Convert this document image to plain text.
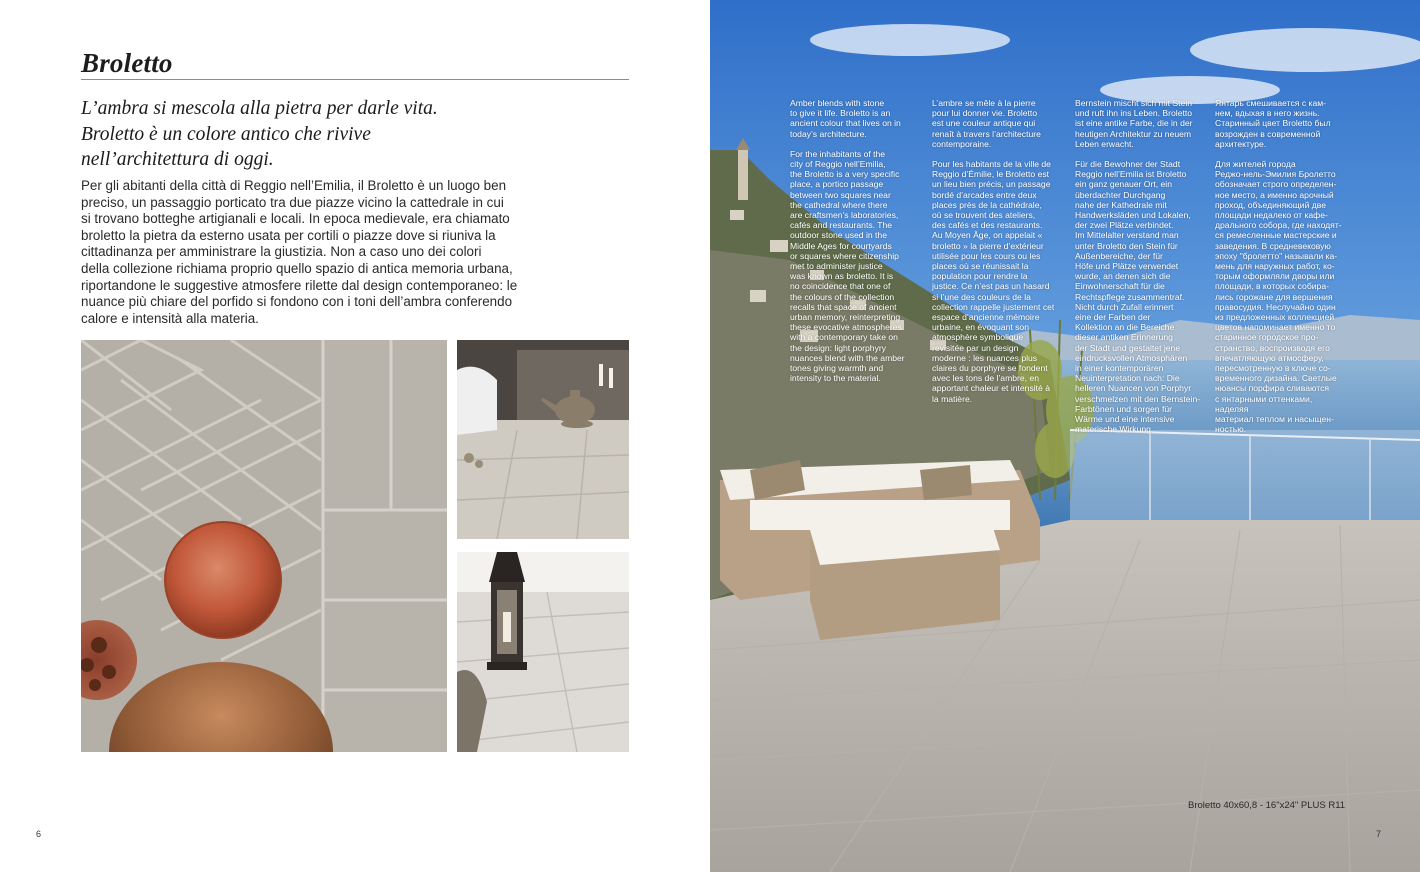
Broletto
L’ambra si mescola alla pietra per darle vita.
Broletto è un colore antico che rivive
nell’architettura di oggi.
Per gli abitanti della città di Reggio nell’Emilia, il Broletto è un luogo ben
preciso, un passaggio porticato tra due piazze vicino la cattedrale in cui
si trovano botteghe artigianali e locali. In epoca medievale, era chiamato
broletto la pietra da esterno usata per cortili o piazze dove si riuniva la
cittadinanza per amministrare la giustizia. Non a caso uno dei colori
della collezione richiama proprio quello spazio di antica memoria urbana,
riportandone le suggestive atmosfere rilette dal design contemporaneo: le
nuance più chiare del porfido si fondono con i toni dell’ambra conferendo
calore e intensità alla materia.
6

Amber blends with stone
to give it life. Broletto is an
ancient colour that lives on in
today’s architecture.

For the inhabitants of the
city of Reggio nell’Emilia,
the Broletto is a very specific
place, a portico passage
between two squares near
the cathedral where there
are craftsmen’s laboratories,
cafés and restaurants. The
outdoor stone used in the
Middle Ages for courtyards
or squares where citizenship
met to administer justice
was known as broletto. It is
no coincidence that one of
the colours of the collection
recalls that space of ancient
urban memory, reinterpreting
these evocative atmospheres
with a contemporary take on
the design: light porphyry
nuances blend with the amber
tones giving warmth and
intensity to the material.

L’ambre se mêle à la pierre
pour lui donner vie. Broletto
est une couleur antique qui
renaît à travers l’architecture
contemporaine.

Pour les habitants de la ville de
Reggio d’Émilie, le Broletto est
un lieu bien précis, un passage
bordé d’arcades entre deux
places près de la cathédrale,
où se trouvent des ateliers,
des cafés et des restaurants.
Au Moyen Âge, on appelait «
broletto » la pierre d’extérieur
utilisée pour les cours ou les
places où se réunissait la
population pour rendre la
justice. Ce n’est pas un hasard
si l’une des couleurs de la
collection rappelle justement cet
espace d’ancienne mémoire
urbaine, en évoquant son
atmosphère symbolique
revisitée par un design
moderne : les nuances plus
claires du porphyre se fondent
avec les tons de l’ambre, en
apportant chaleur et intensité à
la matière.

Bernstein mischt sich mit Stein
und ruft ihn ins Leben. Broletto
ist eine antike Farbe, die in der
heutigen Architektur zu neuem
Leben erwacht.

Für die Bewohner der Stadt
Reggio nell’Emilia ist Broletto
ein ganz genauer Ort, ein
überdachter Durchgang
nahe der Kathedrale mit
Handwerksläden und Lokalen,
der zwei Plätze verbindet.
Im Mittelalter verstand man
unter Broletto den Stein für
Außenbereiche, der für
Höfe und Plätze verwendet
wurde, an denen sich die
Einwohnerschaft für die
Rechtspflege zusammentraf.
Nicht durch Zufall erinnert
eine der Farben der
Kollektion an die Bereiche
dieser antiken Erinnerung
der Stadt und gestaltet jene
eindrucksvollen Atmosphären
in einer kontemporären
Neuinterpretation nach: Die
helleren Nuancen von Porphyr
verschmelzen mit den Bernstein-
Farbtönen und sorgen für
Wärme und eine intensive
materische Wirkung.

Янтарь смешивается с кам-
нем, вдыхая в него жизнь.
Старинный цвет Broletto был
возрожден в современной
архитектуре.

Для жителей города
Реджо-нель-Эмилия Бролетто
обозначает строго определен-
ное место, а именно арочный
проход, объединяющий две
площади недалеко от кафе-
дрального собора, где находят-
ся ремесленные мастерские и
заведения. В средневековую
эпоху "бролетто" называли ка-
мень для наружных работ, ко-
торым оформляли дворы или
площади, в которых собира-
лись горожане для вершения
правосудия. Неслучайно один
из предложенных коллекцией
цветов напоминает именно то
старинное городское про-
странство, воспроизводя его
впечатляющую атмосферу,
пересмотренную в ключе со-
временного дизайна. Светлые
нюансы порфира сливаются
с янтарными оттенками, наделяя
материал теплом и насыщен-
ностью.

Broletto 40x60,8 - 16"x24" PLUS R11
7
